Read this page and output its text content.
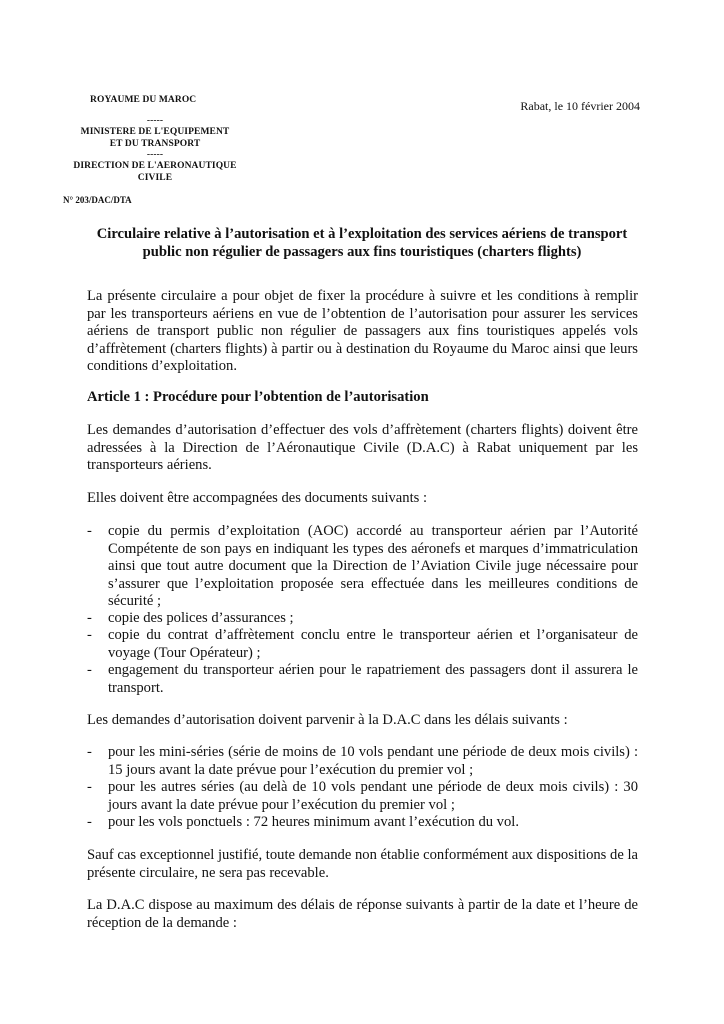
ROYAUME DU MAROC
-----
MINISTERE DE L'EQUIPEMENT
ET DU TRANSPORT
-----
DIRECTION DE L'AERONAUTIQUE
CIVILE
Rabat, le 10 février 2004
N° 203/DAC/DTA
Circulaire relative à l’autorisation et à l’exploitation des services aériens de transport public non régulier de passagers aux fins touristiques (charters flights)

La présente circulaire a pour objet de fixer la procédure à suivre et les conditions à remplir par les transporteurs aériens en vue de l’obtention de l’autorisation pour assurer les services aériens de transport public non régulier de passagers aux fins touristiques appelés vols d’affrètement (charters flights) à partir ou à destination du Royaume du Maroc ainsi que leurs conditions d’exploitation.

Article 1 : Procédure pour l’obtention de l’autorisation

Les demandes d’autorisation d’effectuer des vols d’affrètement (charters flights) doivent être adressées à la Direction de l’Aéronautique Civile (D.A.C) à Rabat uniquement par les transporteurs aériens.

Elles doivent être accompagnées des documents suivants :

-	copie du permis d’exploitation (AOC) accordé au transporteur aérien par l’Autorité Compétente de son pays en indiquant les types des aéronefs et marques d’immatriculation ainsi que tout autre document que la Direction de l’Aviation Civile juge nécessaire pour s’assurer que l’exploitation proposée sera effectuée dans les meilleures conditions de sécurité ;
-	copie des polices d’assurances ;
-	copie du contrat d’affrètement conclu entre le transporteur aérien et l’organisateur de voyage (Tour Opérateur) ;
-	engagement du transporteur aérien pour le rapatriement des passagers dont il assurera le transport.

Les demandes d’autorisation doivent parvenir à la D.A.C dans les délais suivants :

-	pour les mini-séries (série de moins de 10 vols pendant une période de deux mois civils) : 15 jours avant la date prévue pour l’exécution du premier vol ;
-	pour les autres séries (au delà de 10 vols pendant une période de deux mois civils) : 30 jours avant la date prévue pour l’exécution du premier vol ;
-	pour les vols ponctuels : 72 heures minimum avant l’exécution du vol.

Sauf cas exceptionnel justifié, toute demande non établie conformément aux dispositions de la présente circulaire, ne sera pas recevable.

La D.A.C dispose au maximum des délais de réponse suivants à partir de la date et l’heure de réception de la demande :
